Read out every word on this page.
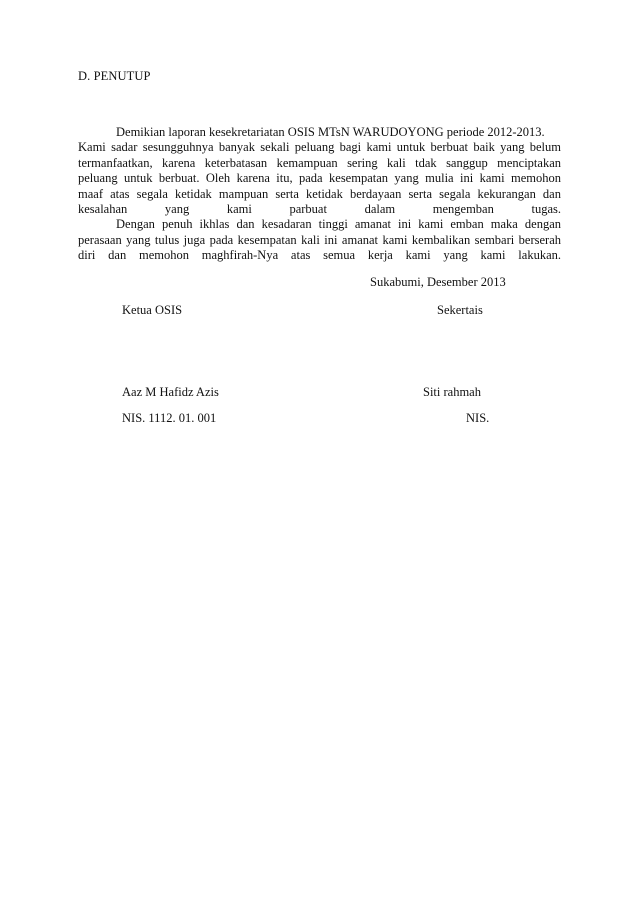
D. PENUTUP
Demikian laporan kesekretariatan OSIS MTsN WARUDOYONG periode 2012-2013.
Kami sadar sesungguhnya banyak sekali peluang bagi kami untuk berbuat baik yang belum
termanfaatkan, karena keterbatasan kemampuan sering kali tdak sanggup menciptakan
peluang untuk berbuat. Oleh karena itu, pada kesempatan yang mulia ini kami memohon
maaf atas segala ketidak mampuan serta ketidak berdayaan serta segala kekurangan dan
kesalahan yang kami parbuat dalam mengemban tugas.
Dengan penuh ikhlas dan kesadaran tinggi amanat ini kami emban maka dengan
perasaan yang tulus juga pada kesempatan kali ini amanat kami kembalikan sembari berserah
diri dan memohon maghfirah-Nya atas semua kerja kami yang kami lakukan.
Sukabumi, Desember 2013
Ketua OSIS	Sekertais
Aaz M Hafidz Azis	Siti rahmah
NIS. 1112. 01. 001	NIS.
